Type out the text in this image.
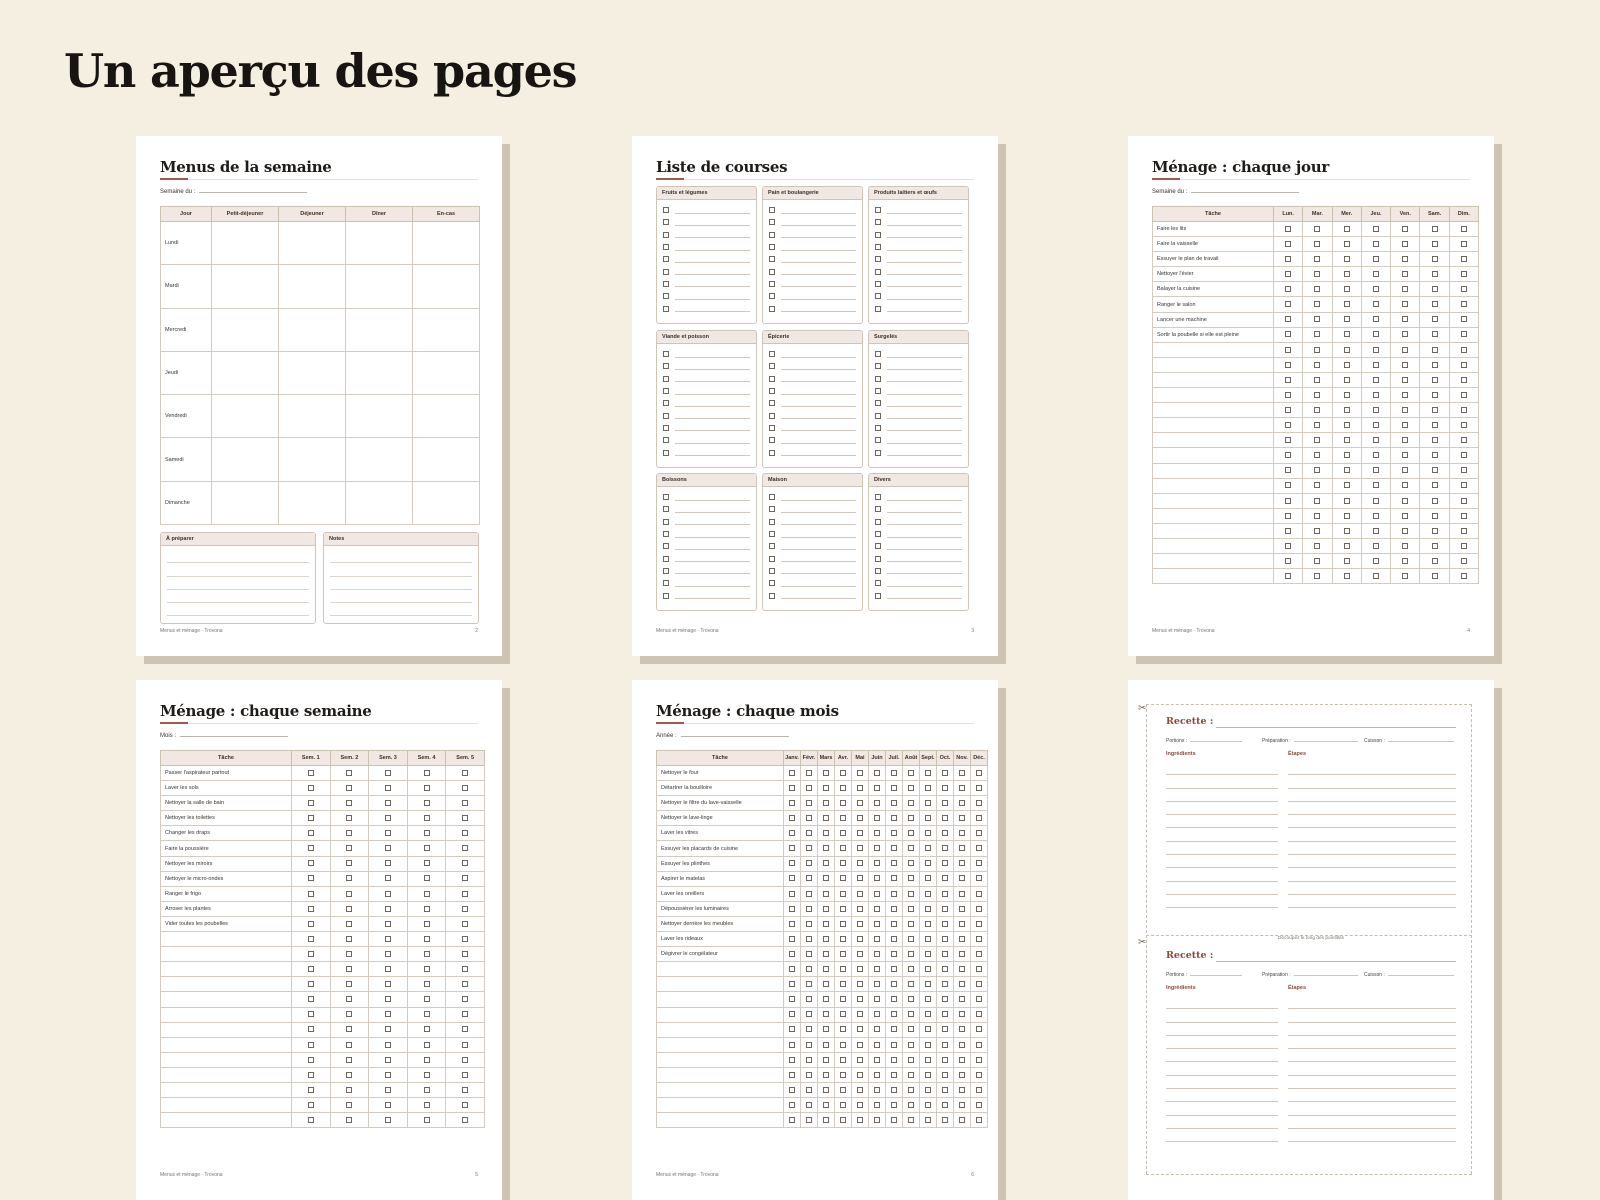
Un aperçu des pages
Menus de la semaine
Semaine du :
Jour	Petit-déjeuner	Déjeuner	Dîner	En-cas
Lundi				
Mardi				
Mercredi				
Jeudi				
Vendredi				
Samedi				
Dimanche				
À préparer	Notes
Menus et ménage · Trovona	2
Liste de courses
Fruits et légumes	Pain et boulangerie	Produits laitiers et œufs
Viande et poisson	Épicerie	Surgelés
Boissons	Maison	Divers
Menus et ménage · Trovona	3
Ménage : chaque jour
Semaine du :
Tâche	Lun.	Mar.	Mer.	Jeu.	Ven.	Sam.	Dim.
Faire les lits							
Faire la vaisselle							
Essuyer le plan de travail							
Nettoyer l'évier							
Balayer la cuisine							
Ranger le salon							
Lancer une machine							
Sortir la poubelle si elle est pleine							

Menus et ménage · Trovona	4
Ménage : chaque semaine
Mois :
Tâche	Sem. 1	Sem. 2	Sem. 3	Sem. 4	Sem. 5
Passer l'aspirateur partout					
Laver les sols					
Nettoyer la salle de bain					
Nettoyer les toilettes					
Changer les draps					
Faire la poussière					
Nettoyer les miroirs					
Nettoyer le micro-ondes					
Ranger le frigo					
Arroser les plantes					
Vider toutes les poubelles					

Menus et ménage · Trovona	5
Ménage : chaque mois
Année :
Tâche	Janv.	Févr.	Mars	Avr.	Mai	Juin	Juil.	Août	Sept.	Oct.	Nov.	Déc.
Nettoyer le four												
Détartrer la bouilloire												
Nettoyer le filtre du lave-vaisselle												
Nettoyer le lave-linge												
Laver les vitres												
Essuyer les placards de cuisine												
Essuyer les plinthes												
Aspirer le matelas												
Laver les oreillers												
Dépoussiérer les luminaires												
Nettoyer derrière les meubles												
Laver les rideaux												
Dégivrer le congélateur												

Menus et ménage · Trovona	6
✂
✂	Découpez le long des pointillés
Recette :
Portions :	Préparation :	Cuisson :
Ingrédients	Étapes
Recette :
Portions :	Préparation :	Cuisson :
Ingrédients	Étapes
